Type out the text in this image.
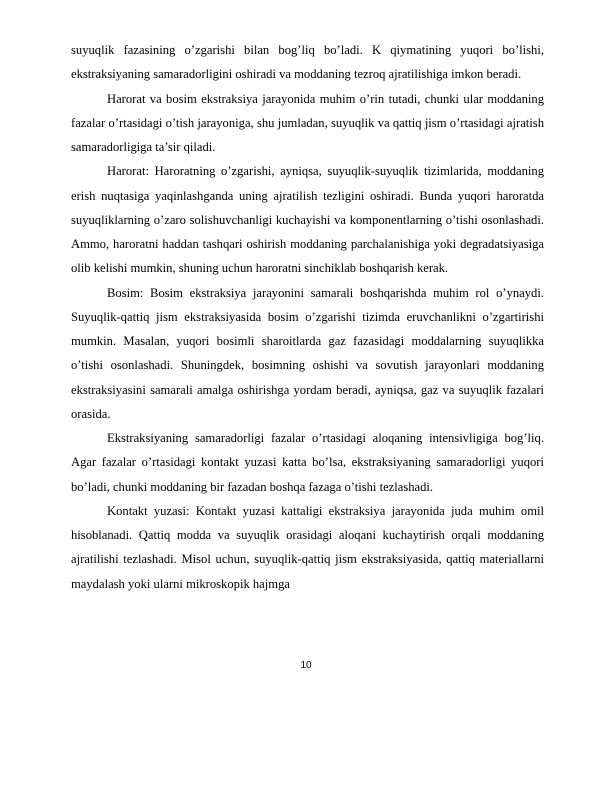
suyuqlik fazasining o’zgarishi bilan bog’liq bo’ladi. K qiymatining yuqori bo’lishi, ekstraksiyaning samaradorligini oshiradi va moddaning tezroq ajratilishiga imkon beradi.

Harorat va bosim ekstraksiya jarayonida muhim o’rin tutadi, chunki ular moddaning fazalar o’rtasidagi o’tish jarayoniga, shu jumladan, suyuqlik va qattiq jism o’rtasidagi ajratish samaradorligiga ta’sir qiladi.

Harorat: Haroratning o’zgarishi, ayniqsa, suyuqlik-suyuqlik tizimlarida, moddaning erish nuqtasiga yaqinlashganda uning ajratilish tezligini oshiradi. Bunda yuqori haroratda suyuqliklarning o’zaro solishuvchanligi kuchayishi va komponentlarning o’tishi osonlashadi. Ammo, haroratni haddan tashqari oshirish moddaning parchalanishiga yoki degradatsiyasiga olib kelishi mumkin, shuning uchun haroratni sinchiklab boshqarish kerak.

Bosim: Bosim ekstraksiya jarayonini samarali boshqarishda muhim rol o’ynaydi. Suyuqlik-qattiq jism ekstraksiyasida bosim o’zgarishi tizimda eruvchanlikni o’zgartirishi mumkin. Masalan, yuqori bosimli sharoitlarda gaz fazasidagi moddalarning suyuqlikka o’tishi osonlashadi. Shuningdek, bosimning oshishi va sovutish jarayonlari moddaning ekstraksiyasini samarali amalga oshirishga yordam beradi, ayniqsa, gaz va suyuqlik fazalari orasida.

Ekstraksiyaning samaradorligi fazalar o’rtasidagi aloqaning intensivligiga bog’liq. Agar fazalar o’rtasidagi kontakt yuzasi katta bo’lsa, ekstraksiyaning samaradorligi yuqori bo’ladi, chunki moddaning bir fazadan boshqa fazaga o’tishi tezlashadi.

Kontakt yuzasi: Kontakt yuzasi kattaligi ekstraksiya jarayonida juda muhim omil hisoblanadi. Qattiq modda va suyuqlik orasidagi aloqani kuchaytirish orqali moddaning ajratilishi tezlashadi. Misol uchun, suyuqlik-qattiq jism ekstraksiyasida, qattiq materiallarni maydalash yoki ularni mikroskopik hajmga

10
